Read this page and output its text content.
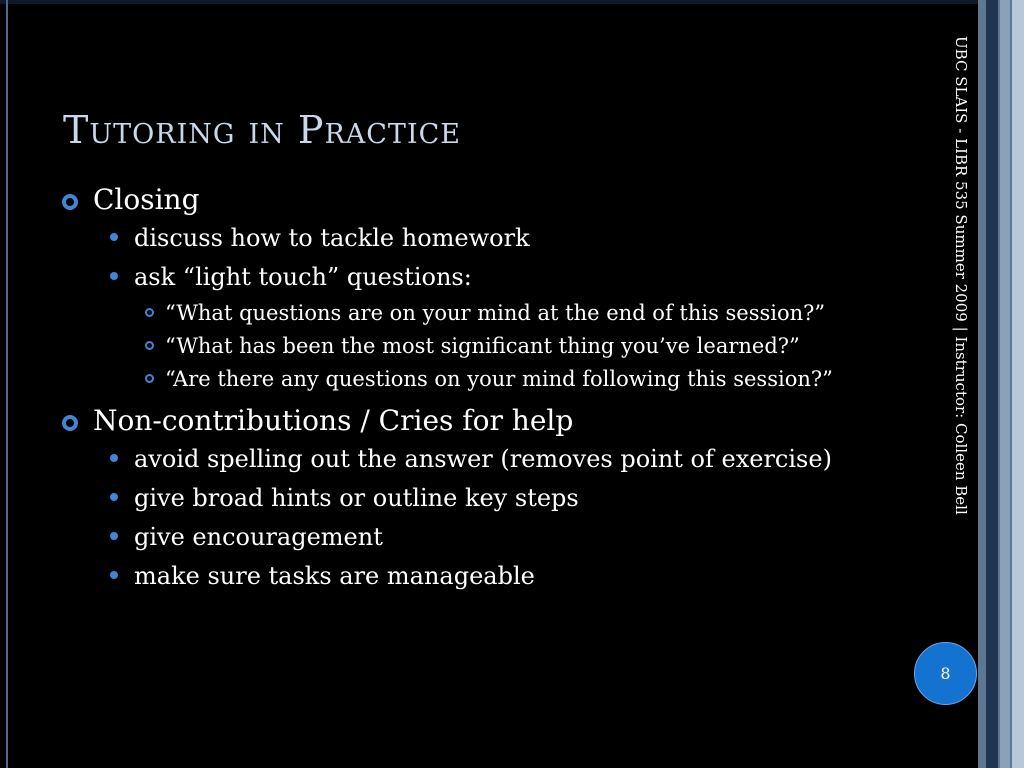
Tutoring in Practice
Closing
discuss how to tackle homework
ask “light touch” questions:
“What questions are on your mind at the end of this session?”
“What has been the most significant thing you’ve learned?”
“Are there any questions on your mind following this session?”
Non-contributions / Cries for help
avoid spelling out the answer (removes point of exercise)
give broad hints or outline key steps
give encouragement
make sure tasks are manageable
UBC SLAIS - LIBR 535 Summer 2009 | Instructor: Colleen Bell
8
